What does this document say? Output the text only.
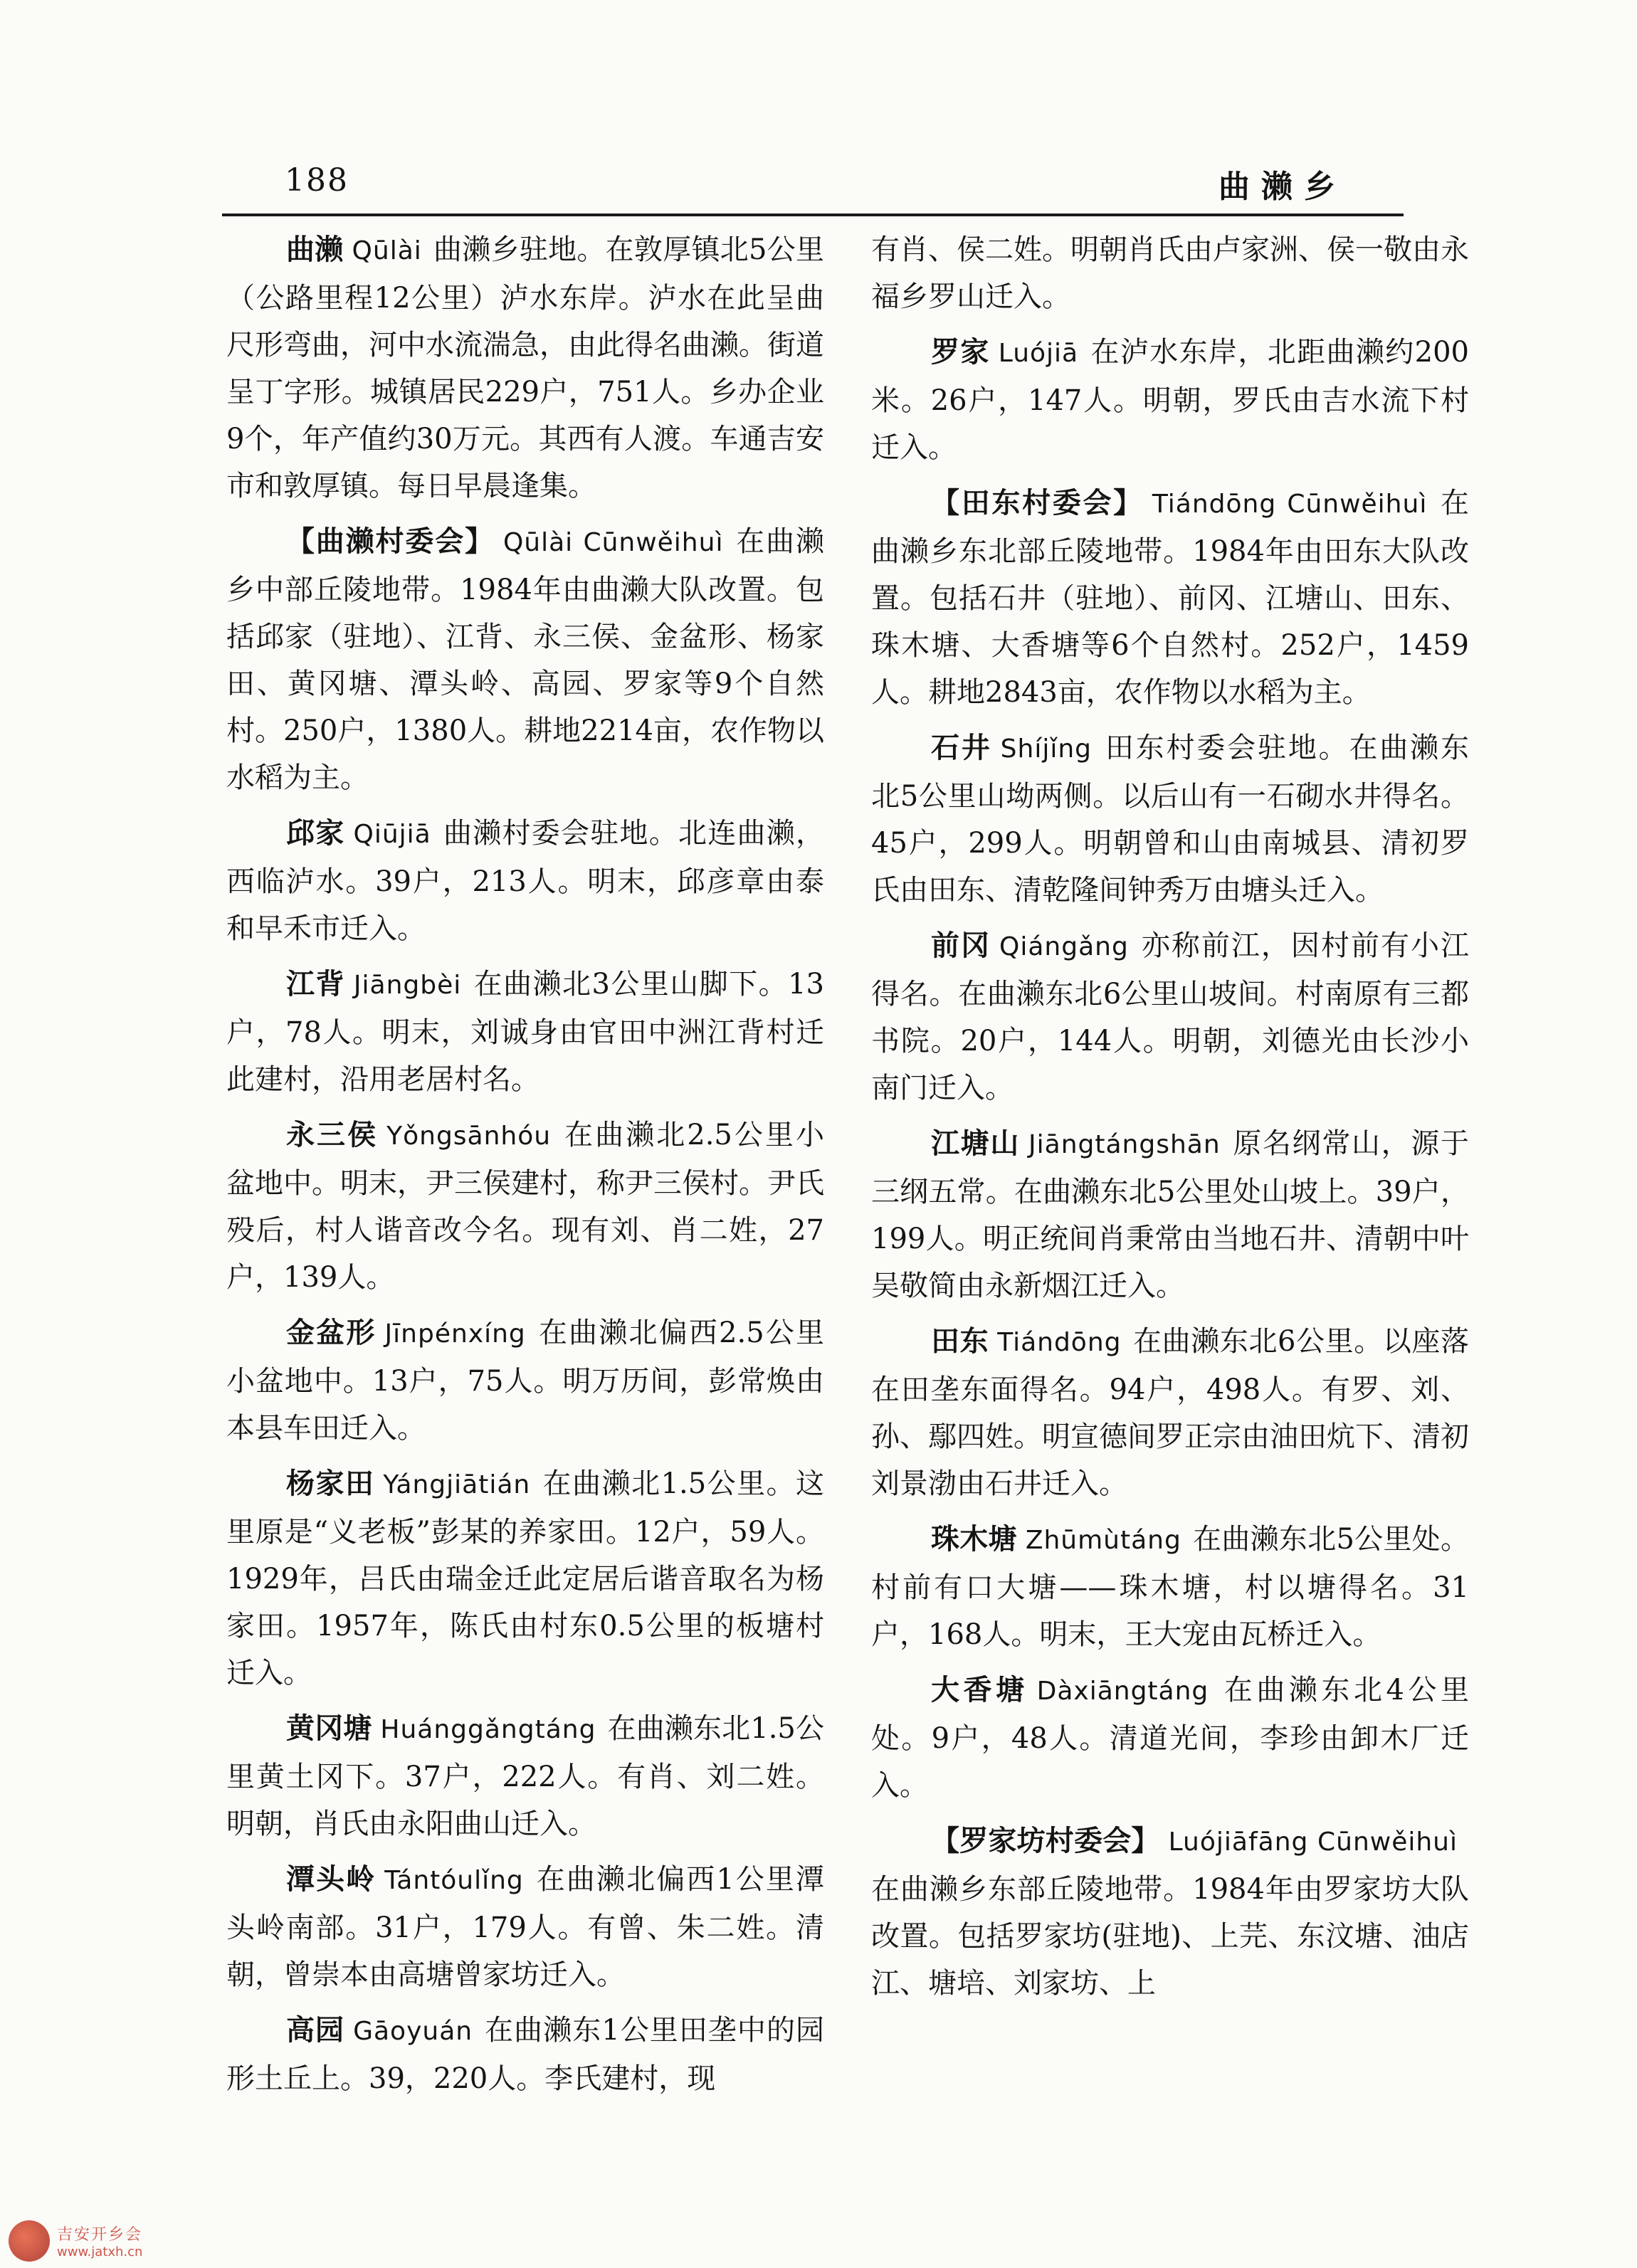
188	曲濑乡

曲濑 Qūlài 曲濑乡驻地。在敦厚镇北5公里（公路里程12公里）泸水东岸。泸水在此呈曲尺形弯曲，河中水流湍急，由此得名曲濑。街道呈丁字形。城镇居民229户，751人。乡办企业9个，年产值约30万元。其西有人渡。车通吉安市和敦厚镇。每日早晨逢集。

【曲濑村委会】 Qūlài Cūnwěihuì 在曲濑乡中部丘陵地带。1984年由曲濑大队改置。包括邱家（驻地）、江背、永三侯、金盆形、杨家田、黄冈塘、潭头岭、高园、罗家等9个自然村。250户，1380人。耕地2214亩，农作物以水稻为主。

邱家 Qiūjiā 曲濑村委会驻地。北连曲濑，西临泸水。39户，213人。明末，邱彦章由泰和早禾市迁入。

江背 Jiāngbèi 在曲濑北3公里山脚下。13户，78人。明末，刘诚身由官田中洲江背村迁此建村，沿用老居村名。

永三侯 Yǒngsānhóu 在曲濑北2.5公里小盆地中。明末，尹三侯建村，称尹三侯村。尹氏殁后，村人谐音改今名。现有刘、肖二姓，27户，139人。

金盆形 Jīnpénxíng 在曲濑北偏西2.5公里小盆地中。13户，75人。明万历间，彭常焕由本县车田迁入。

杨家田 Yángjiātián 在曲濑北1.5公里。这里原是“义老板”彭某的养家田。12户，59人。1929年，吕氏由瑞金迁此定居后谐音取名为杨家田。1957年，陈氏由村东0.5公里的板塘村迁入。

黄冈塘 Huánggǎngtáng 在曲濑东北1.5公里黄土冈下。37户，222人。有肖、刘二姓。明朝，肖氏由永阳曲山迁入。

潭头岭 Tántóulǐng 在曲濑北偏西1公里潭头岭南部。31户，179人。有曾、朱二姓。清朝，曾崇本由高塘曾家坊迁入。

高园 Gāoyuán 在曲濑东1公里田垄中的园形土丘上。39，220人。李氏建村，现

有肖、侯二姓。明朝肖氏由卢家洲、侯一敬由永福乡罗山迁入。

罗家 Luójiā 在泸水东岸，北距曲濑约200米。26户，147人。明朝，罗氏由吉水流下村迁入。

【田东村委会】 Tiándōng Cūnwěihuì 在曲濑乡东北部丘陵地带。1984年由田东大队改置。包括石井（驻地）、前冈、江塘山、田东、珠木塘、大香塘等6个自然村。252户，1459人。耕地2843亩，农作物以水稻为主。

石井 Shíjǐng 田东村委会驻地。在曲濑东北5公里山坳两侧。以后山有一石砌水井得名。45户，299人。明朝曾和山由南城县、清初罗氏由田东、清乾隆间钟秀万由塘头迁入。

前冈 Qiángǎng 亦称前江，因村前有小江得名。在曲濑东北6公里山坡间。村南原有三都书院。20户，144人。明朝，刘德光由长沙小南门迁入。

江塘山 Jiāngtángshān 原名纲常山，源于三纲五常。在曲濑东北5公里处山坡上。39户，199人。明正统间肖秉常由当地石井、清朝中叶吴敬简由永新烟江迁入。

田东 Tiándōng 在曲濑东北6公里。以座落在田垄东面得名。94户，498人。有罗、刘、孙、鄢四姓。明宣德间罗正宗由油田炕下、清初刘景渤由石井迁入。

珠木塘 Zhūmùtáng 在曲濑东北5公里处。村前有口大塘——珠木塘，村以塘得名。31户，168人。明末，王大宠由瓦桥迁入。

大香塘 Dàxiāngtáng 在曲濑东北4公里处。9户，48人。清道光间，李珍由卸木厂迁入。

【罗家坊村委会】 Luójiāfāng Cūnwěihuì在曲濑乡东部丘陵地带。1984年由罗家坊大队改置。包括罗家坊(驻地)、上芫、东汶塘、油店江、塘培、刘家坊、上

吉安开乡会
www.jatxh.cn
